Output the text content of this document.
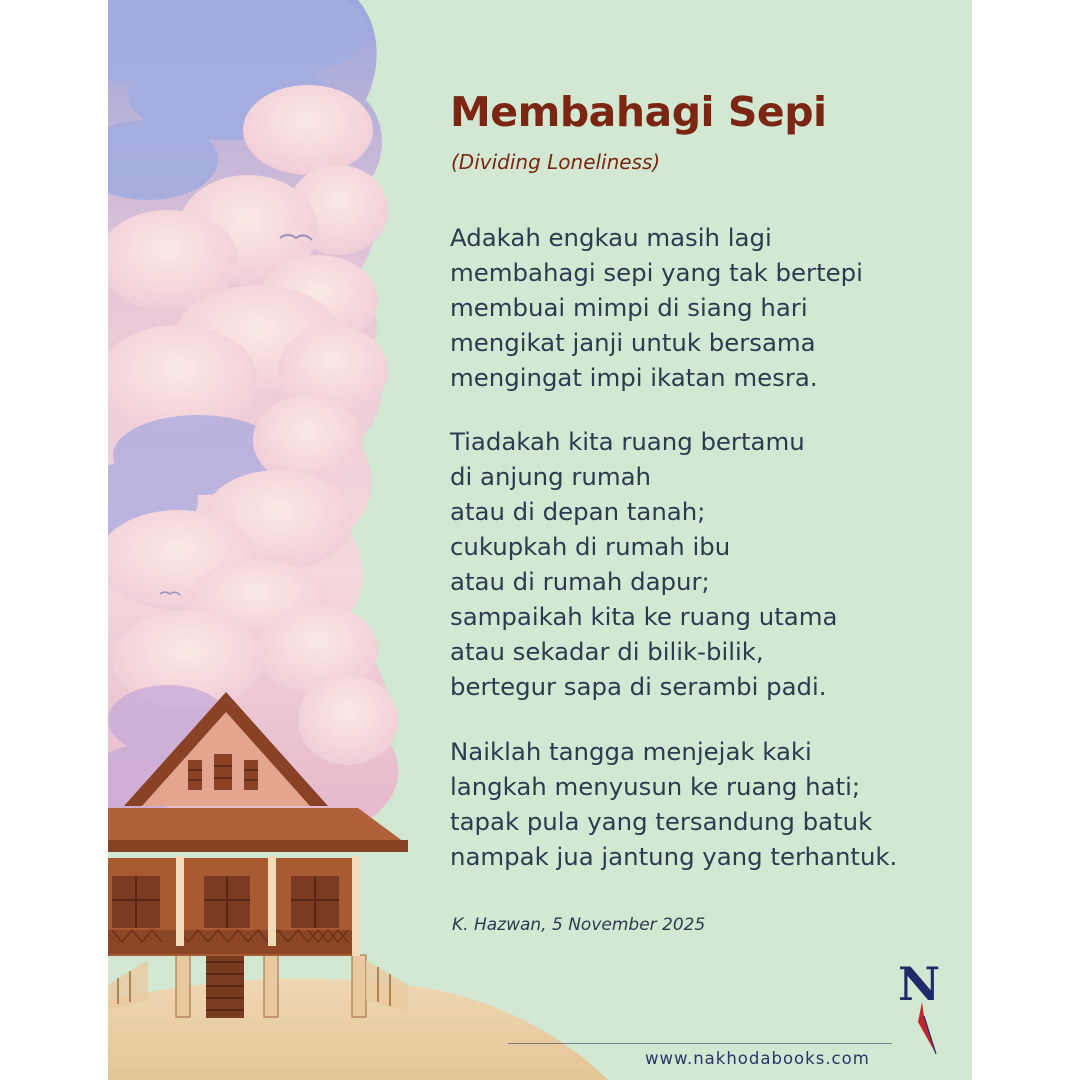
Membahagi Sepi

(Dividing Loneliness)

Adakah engkau masih lagi
membahagi sepi yang tak bertepi
membuai mimpi di siang hari
mengikat janji untuk bersama
mengingat impi ikatan mesra.
Tiadakah kita ruang bertamu
di anjung rumah
atau di depan tanah;
cukupkah di rumah ibu
atau di rumah dapur;
sampaikah kita ke ruang utama
atau sekadar di bilik-bilik,
bertegur sapa di serambi padi.
Naiklah tangga menjejak kaki
langkah menyusun ke ruang hati;
tapak pula yang tersandung batuk
nampak jua jantung yang terhantuk.
K. Hazwan, 5 November 2025
www.nakhodabooks.com
N
